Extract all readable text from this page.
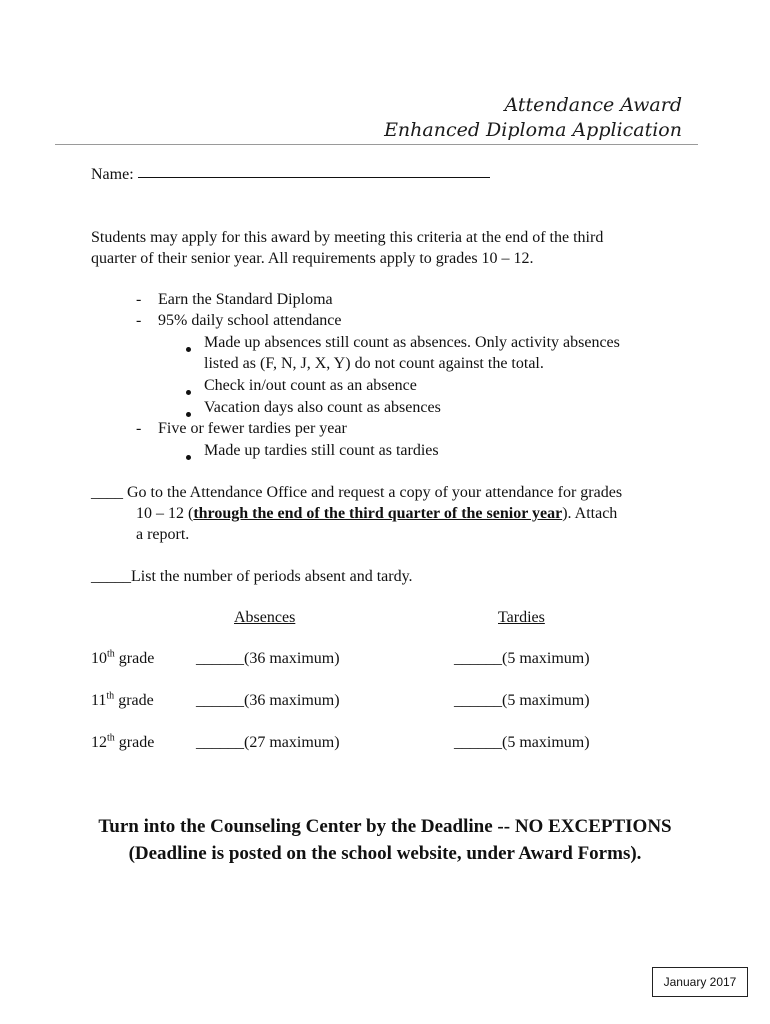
Attendance Award
Enhanced Diploma Application
Name:
Students may apply for this award by meeting this criteria at the end of the third
quarter of their senior year. All requirements apply to grades 10 – 12.
- Earn the Standard Diploma
- 95% daily school attendance
Made up absences still count as absences. Only activity absences
listed as (F, N, J, X, Y) do not count against the total.
Check in/out count as an absence
Vacation days also count as absences
- Five or fewer tardies per year
Made up tardies still count as tardies
____ Go to the Attendance Office and request a copy of your attendance for grades
10 – 12 (through the end of the third quarter of the senior year). Attach
a report.
_____List the number of periods absent and tardy.
Absences	Tardies
10th grade	______(36 maximum)	______(5 maximum)
11th grade	______(36 maximum)	______(5 maximum)
12th grade	______(27 maximum)	______(5 maximum)
Turn into the Counseling Center by the Deadline -- NO EXCEPTIONS
(Deadline is posted on the school website, under Award Forms).
January 2017
